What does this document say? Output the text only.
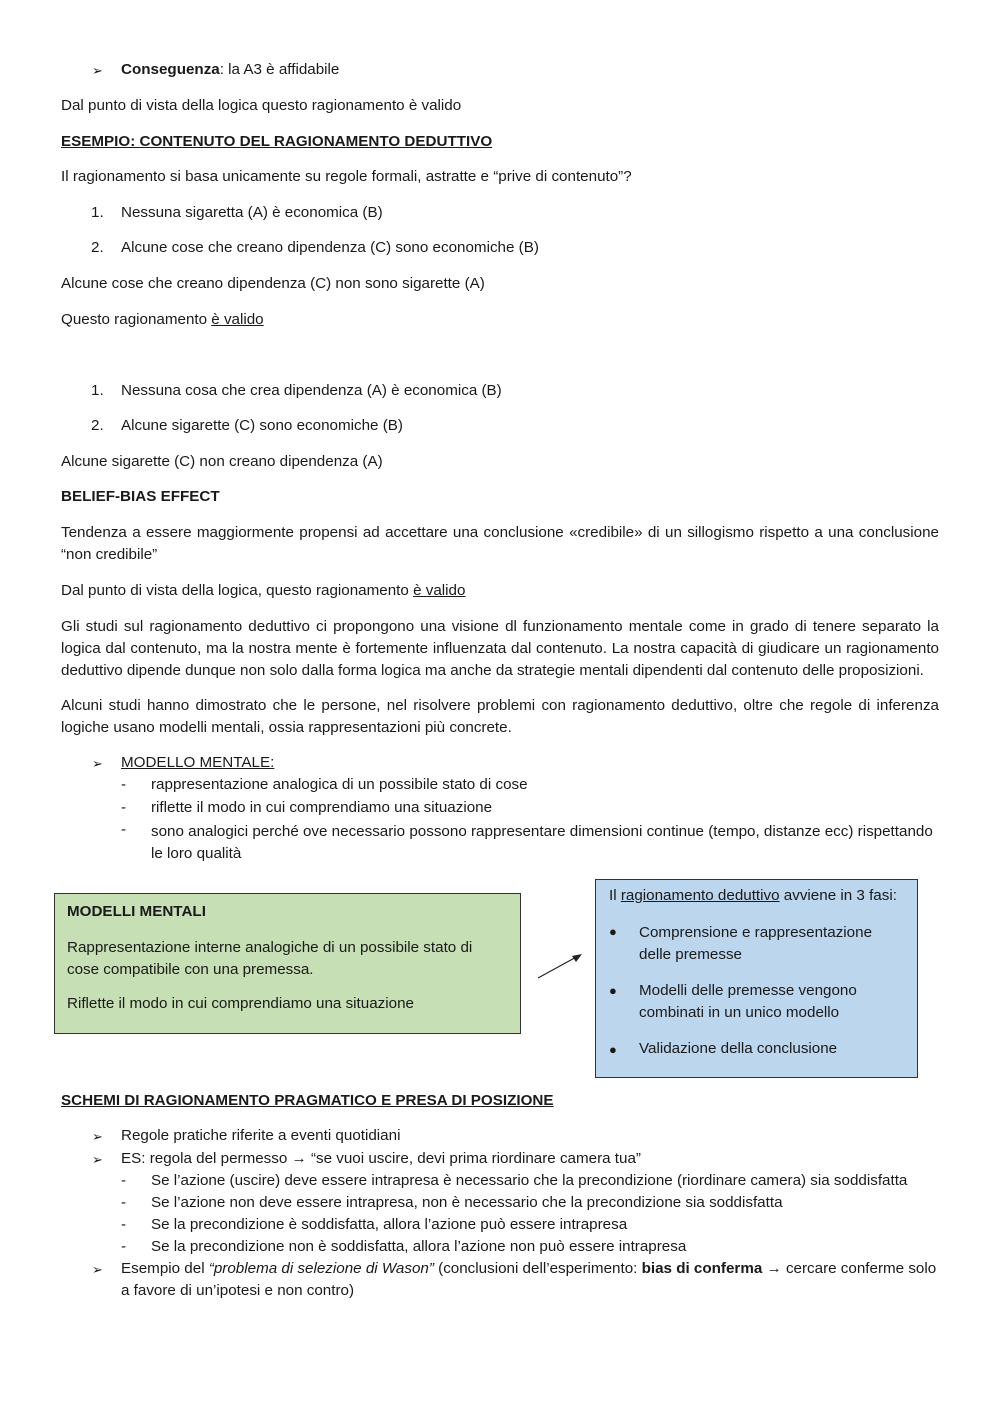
➢ Conseguenza: la A3 è affidabile
Dal punto di vista della logica questo ragionamento è valido
ESEMPIO: CONTENUTO DEL RAGIONAMENTO DEDUTTIVO
Il ragionamento si basa unicamente su regole formali, astratte e “prive di contenuto”?
1. Nessuna sigaretta (A) è economica (B)
2. Alcune cose che creano dipendenza (C) sono economiche (B)
Alcune cose che creano dipendenza (C) non sono sigarette (A)
Questo ragionamento è valido
1. Nessuna cosa che crea dipendenza (A) è economica (B)
2. Alcune sigarette (C) sono economiche (B)
Alcune sigarette (C) non creano dipendenza (A)
BELIEF-BIAS EFFECT
Tendenza a essere maggiormente propensi ad accettare una conclusione «credibile» di un sillogismo rispetto a una conclusione “non credibile”
Dal punto di vista della logica, questo ragionamento è valido
Gli studi sul ragionamento deduttivo ci propongono una visione dl funzionamento mentale come in grado di tenere separato la logica dal contenuto, ma la nostra mente è fortemente influenzata dal contenuto. La nostra capacità di giudicare un ragionamento deduttivo dipende dunque non solo dalla forma logica ma anche da strategie mentali dipendenti dal contenuto delle proposizioni.
Alcuni studi hanno dimostrato che le persone, nel risolvere problemi con ragionamento deduttivo, oltre che regole di inferenza logiche usano modelli mentali, ossia rappresentazioni più concrete.
➢ MODELLO MENTALE:
- rappresentazione analogica di un possibile stato di cose
- riflette il modo in cui comprendiamo una situazione
- sono analogici perché ove necessario possono rappresentare dimensioni continue (tempo, distanze ecc) rispettando le loro qualità
MODELLI MENTALI
Rappresentazione interne analogiche di un possibile stato di cose compatibile con una premessa.
Riflette il modo in cui comprendiamo una situazione
Il ragionamento deduttivo avviene in 3 fasi:
● Comprensione e rappresentazione delle premesse
● Modelli delle premesse vengono combinati in un unico modello
● Validazione della conclusione
SCHEMI DI RAGIONAMENTO PRAGMATICO E PRESA DI POSIZIONE
➢ Regole pratiche riferite a eventi quotidiani
➢ ES: regola del permesso → “se vuoi uscire, devi prima riordinare camera tua”
- Se l’azione (uscire) deve essere intrapresa è necessario che la precondizione (riordinare camera) sia soddisfatta
- Se l’azione non deve essere intrapresa, non è necessario che la precondizione sia soddisfatta
- Se la precondizione è soddisfatta, allora l’azione può essere intrapresa
- Se la precondizione non è soddisfatta, allora l’azione non può essere intrapresa
➢ Esempio del “problema di selezione di Wason” (conclusioni dell’esperimento: bias di conferma → cercare conferme solo
a favore di un’ipotesi e non contro)
